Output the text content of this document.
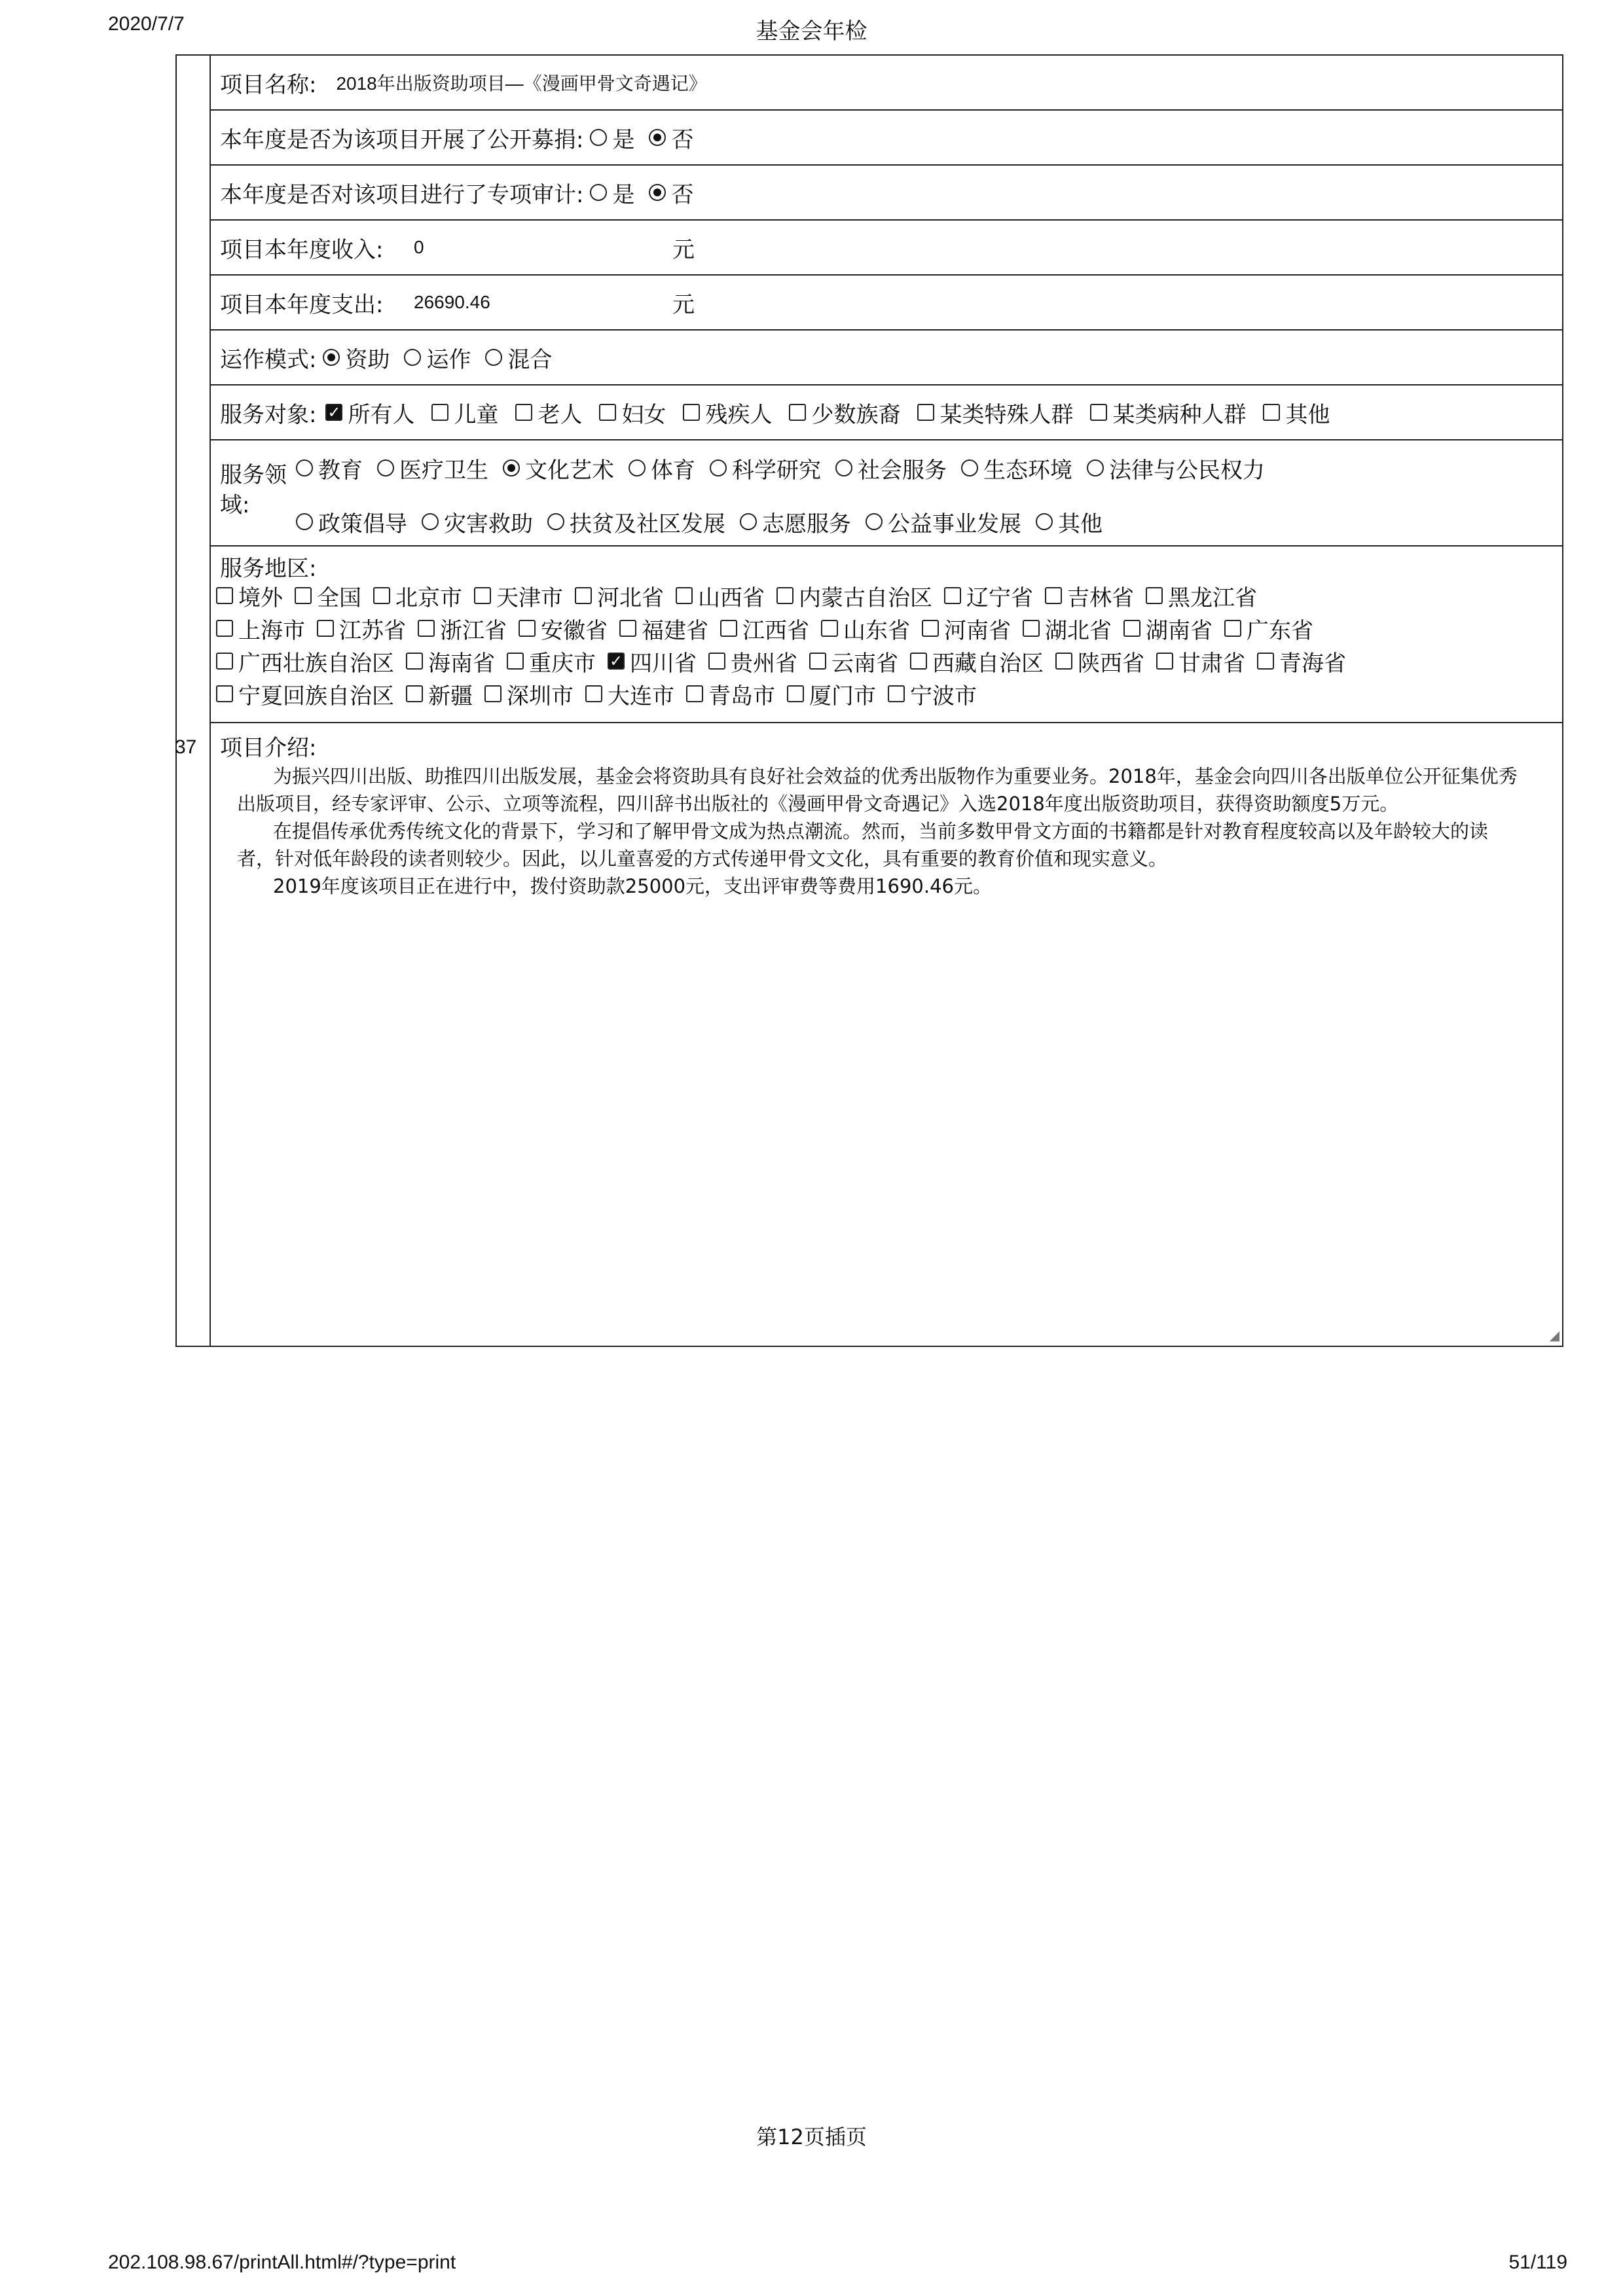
2020/7/7	基金会年检
37
项目名称: 2018年出版资助项目—《漫画甲骨文奇遇记》
本年度是否为该项目开展了公开募捐: 是 否
本年度是否对该项目进行了专项审计: 是 否
项目本年度收入: 0	元
项目本年度支出: 26690.46	元
运作模式: 资助 运作 混合
服务对象: ✓ 所有人 儿童 老人 妇女 残疾人 少数族裔 某类特殊人群 某类病种人群 其他
服务领
域:
教育 医疗卫生 文化艺术 体育 科学研究 社会服务 生态环境 法律与公民权力
政策倡导 灾害救助 扶贫及社区发展 志愿服务 公益事业发展 其他
服务地区:
境外 全国 北京市 天津市 河北省 山西省 内蒙古自治区 辽宁省 吉林省 黑龙江省
上海市 江苏省 浙江省 安徽省 福建省 江西省 山东省 河南省 湖北省 湖南省 广东省
广西壮族自治区 海南省 重庆市 ✓ 四川省 贵州省 云南省 西藏自治区 陕西省 甘肃省 青海省
宁夏回族自治区 新疆 深圳市 大连市 青岛市 厦门市 宁波市
项目介绍:

为振兴四川出版、助推四川出版发展，基金会将资助具有良好社会效益的优秀出版物作为重要业务。2018年，基金会向四川各出版单位公开征集优秀出版项目，经专家评审、公示、立项等流程，四川辞书出版社的《漫画甲骨文奇遇记》入选2018年度出版资助项目，获得资助额度5万元。

在提倡传承优秀传统文化的背景下，学习和了解甲骨文成为热点潮流。然而，当前多数甲骨文方面的书籍都是针对教育程度较高以及年龄较大的读者，针对低年龄段的读者则较少。因此，以儿童喜爱的方式传递甲骨文文化，具有重要的教育价值和现实意义。

2019年度该项目正在进行中，拨付资助款25000元，支出评审费等费用1690.46元。

◢
第12页插页
202.108.98.67/printAll.html#/?type=print	51/119
